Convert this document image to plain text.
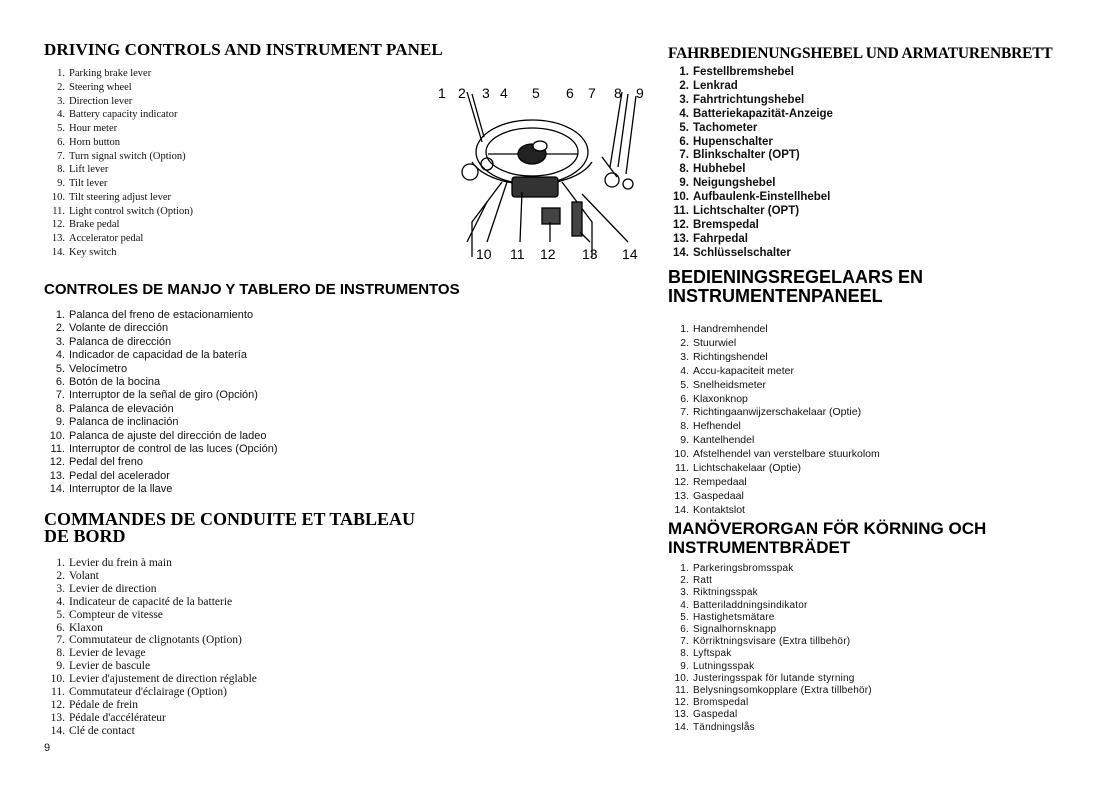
DRIVING CONTROLS AND INSTRUMENT PANEL
1. Parking brake lever
2. Steering wheel
3. Direction lever
4. Battery capacity indicator
5. Hour meter
6. Horn button
7. Turn signal switch (Option)
8. Lift lever
9. Tilt lever
10. Tilt steering adjust lever
11. Light control switch (Option)
12. Brake pedal
13. Accelerator pedal
14. Key switch
CONTROLES DE MANJO Y TABLERO DE INSTRUMENTOS
1. Palanca del freno de estacionamiento
2. Volante de dirección
3. Palanca de dirección
4. Indicador de capacidad de la batería
5. Velocímetro
6. Botón de la bocina
7. Interruptor de la señal de giro (Opción)
8. Palanca de elevación
9. Palanca de inclinación
10. Palanca de ajuste del dirección de ladeo
11. Interruptor de control de las luces (Opción)
12. Pedal del freno
13. Pedal del acelerador
14. Interruptor de la llave
COMMANDES DE CONDUITE ET TABLEAU
DE BORD
1. Levier du frein à main
2. Volant
3. Levier de direction
4. Indicateur de capacité de la batterie
5. Compteur de vitesse
6. Klaxon
7. Commutateur de clignotants (Option)
8. Levier de levage
9. Levier de bascule
10. Levier d'ajustement de direction réglable
11. Commutateur d'éclairage (Option)
12. Pédale de frein
13. Pédale d'accélérateur
14. Clé de contact
1 2 3 4 5 6 7 8 9
10 11 12 13 14
FAHRBEDIENUNGSHEBEL UND ARMATURENBRETT
1. Festellbremshebel
2. Lenkrad
3. Fahrtrichtungshebel
4. Batteriekapazität-Anzeige
5. Tachometer
6. Hupenschalter
7. Blinkschalter (OPT)
8. Hubhebel
9. Neigungshebel
10. Aufbaulenk-Einstellhebel
11. Lichtschalter (OPT)
12. Bremspedal
13. Fahrpedal
14. Schlüsselschalter
BEDIENINGSREGELAARS EN
INSTRUMENTENPANEEL
1. Handremhendel
2. Stuurwiel
3. Richtingshendel
4. Accu-kapaciteit meter
5. Snelheidsmeter
6. Klaxonknop
7. Richtingaanwijzerschakelaar (Optie)
8. Hefhendel
9. Kantelhendel
10. Afstelhendel van verstelbare stuurkolom
11. Lichtschakelaar (Optie)
12. Rempedaal
13. Gaspedaal
14. Kontaktslot
MANÖVERORGAN FÖR KÖRNING OCH
INSTRUMENTBRÄDET
1. Parkeringsbromsspak
2. Ratt
3. Riktningsspak
4. Batteriladdningsindikator
5. Hastighetsmätare
6. Signalhornsknapp
7. Körriktningsvisare (Extra tillbehör)
8. Lyftspak
9. Lutningsspak
10. Justeringsspak för lutande styrning
11. Belysningsomkopplare (Extra tillbehör)
12. Bromspedal
13. Gaspedal
14. Tändningslås
9
